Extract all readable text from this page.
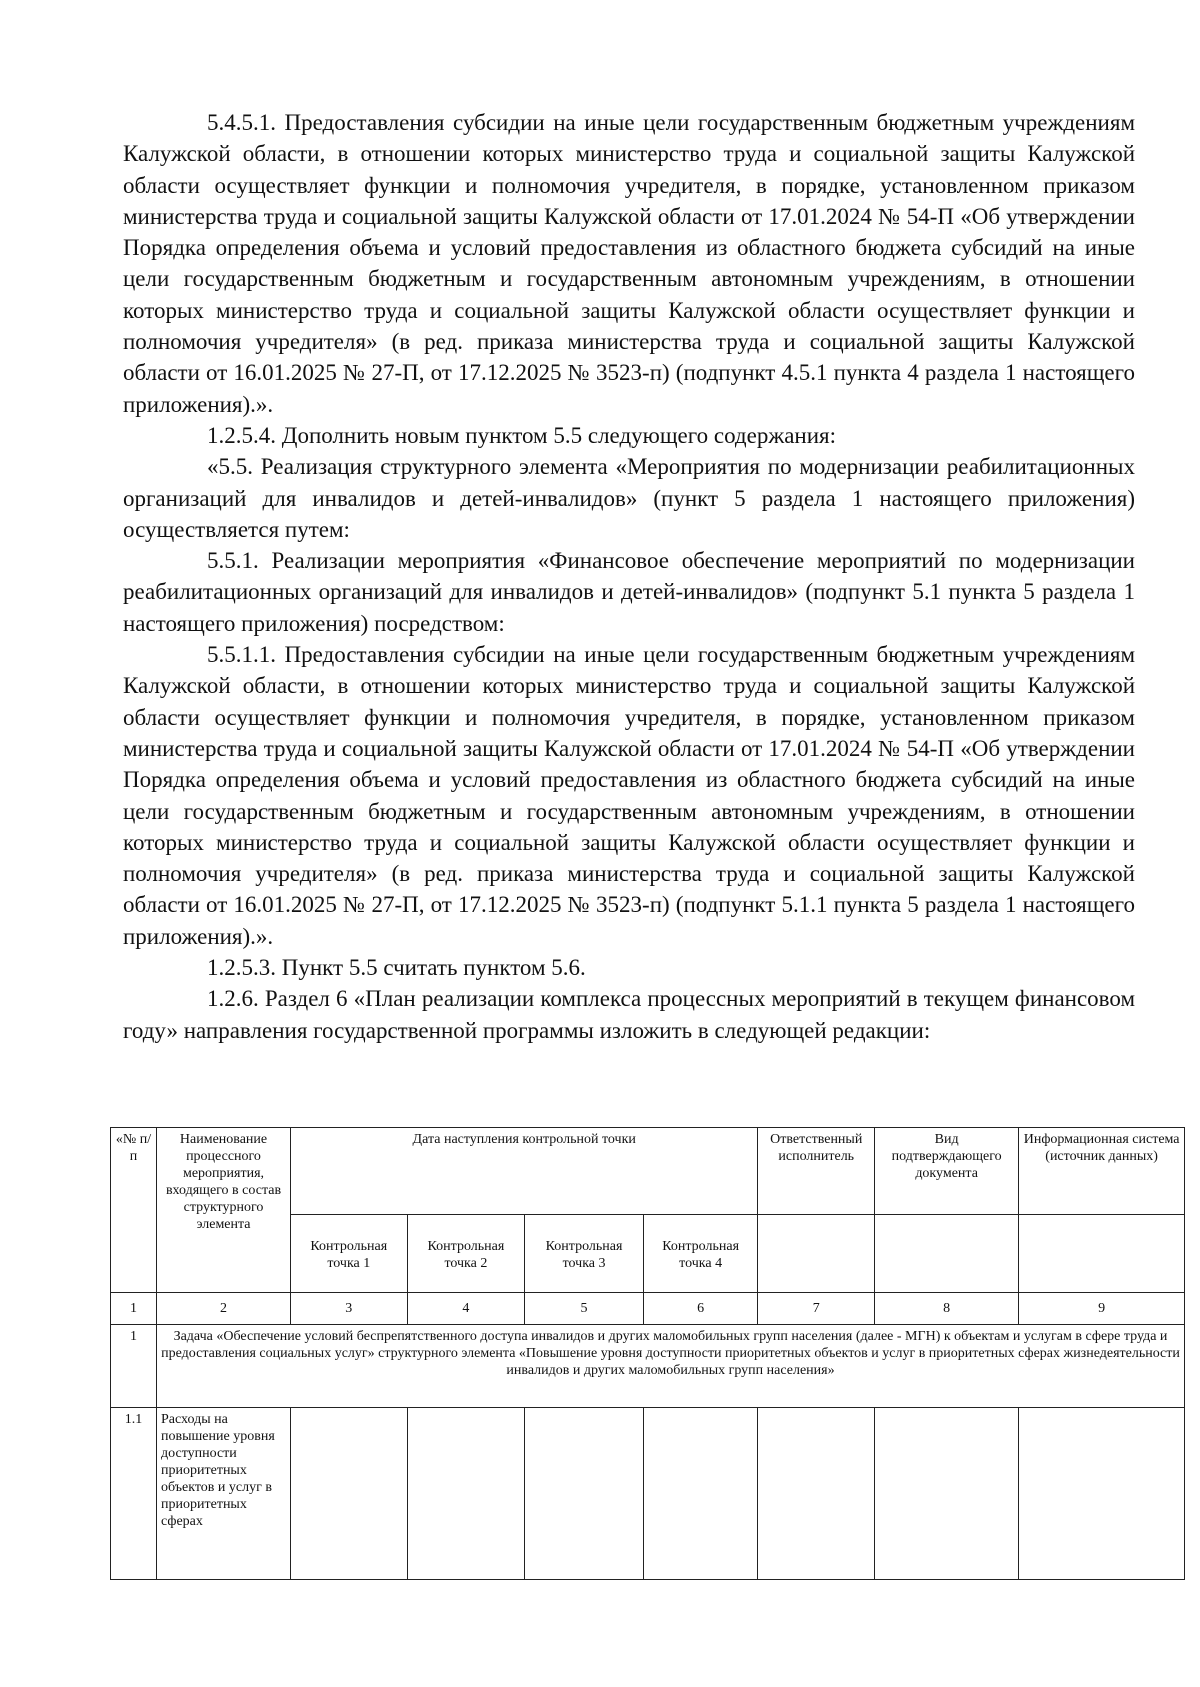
5.4.5.1. Предоставления субсидии на иные цели государственным бюджетным учреждениям Калужской области, в отношении которых министерство труда и социальной защиты Калужской области осуществляет функции и полномочия учредителя, в порядке, установленном приказом министерства труда и социальной защиты Калужской области от 17.01.2024 № 54-П «Об утверждении Порядка определения объема и условий предоставления из областного бюджета субсидий на иные цели государственным бюджетным и государственным автономным учреждениям, в отношении которых министерство труда и социальной защиты Калужской области осуществляет функции и полномочия учредителя» (в ред. приказа министерства труда и социальной защиты Калужской области от 16.01.2025 № 27-П, от 17.12.2025 № 3523-п) (подпункт 4.5.1 пункта 4 раздела 1 настоящего приложения).».

1.2.5.4. Дополнить новым пунктом 5.5 следующего содержания:

«5.5. Реализация структурного элемента «Мероприятия по модернизации реабилитационных организаций для инвалидов и детей-инвалидов» (пункт 5 раздела 1 настоящего приложения) осуществляется путем:

5.5.1. Реализации мероприятия «Финансовое обеспечение мероприятий по модернизации реабилитационных организаций для инвалидов и детей-инвалидов» (подпункт 5.1 пункта 5 раздела 1 настоящего приложения) посредством:

5.5.1.1. Предоставления субсидии на иные цели государственным бюджетным учреждениям Калужской области, в отношении которых министерство труда и социальной защиты Калужской области осуществляет функции и полномочия учредителя, в порядке, установленном приказом министерства труда и социальной защиты Калужской области от 17.01.2024 № 54-П «Об утверждении Порядка определения объема и условий предоставления из областного бюджета субсидий на иные цели государственным бюджетным и государственным автономным учреждениям, в отношении которых министерство труда и социальной защиты Калужской области осуществляет функции и полномочия учредителя» (в ред. приказа министерства труда и социальной защиты Калужской области от 16.01.2025 № 27-П, от 17.12.2025 № 3523-п) (подпункт 5.1.1 пункта 5 раздела 1 настоящего приложения).».

1.2.5.3. Пункт 5.5 считать пунктом 5.6.

1.2.6. Раздел 6 «План реализации комплекса процессных мероприятий в текущем финансовом году» направления государственной программы изложить в следующей редакции:

«№ п/п	Наименование процессного мероприятия, входящего в состав структурного элемента	Дата наступления контрольной точки				Ответственный исполнитель	Вид подтверждающего документа	Информационная система (источник данных)
		Контрольная точка 1	Контрольная точка 2	Контрольная точка 3	Контрольная точка 4			
1	2	3	4	5	6	7	8	9
1	Задача «Обеспечение условий беспрепятственного доступа инвалидов и других маломобильных групп населения (далее - МГН) к объектам и услугам в сфере труда и предоставления социальных услуг» структурного элемента «Повышение уровня доступности приоритетных объектов и услуг в приоритетных сферах жизнедеятельности инвалидов и других маломобильных групп населения»							
1.1	Расходы на повышение уровня доступности приоритетных объектов и услуг в приоритетных сферах							
